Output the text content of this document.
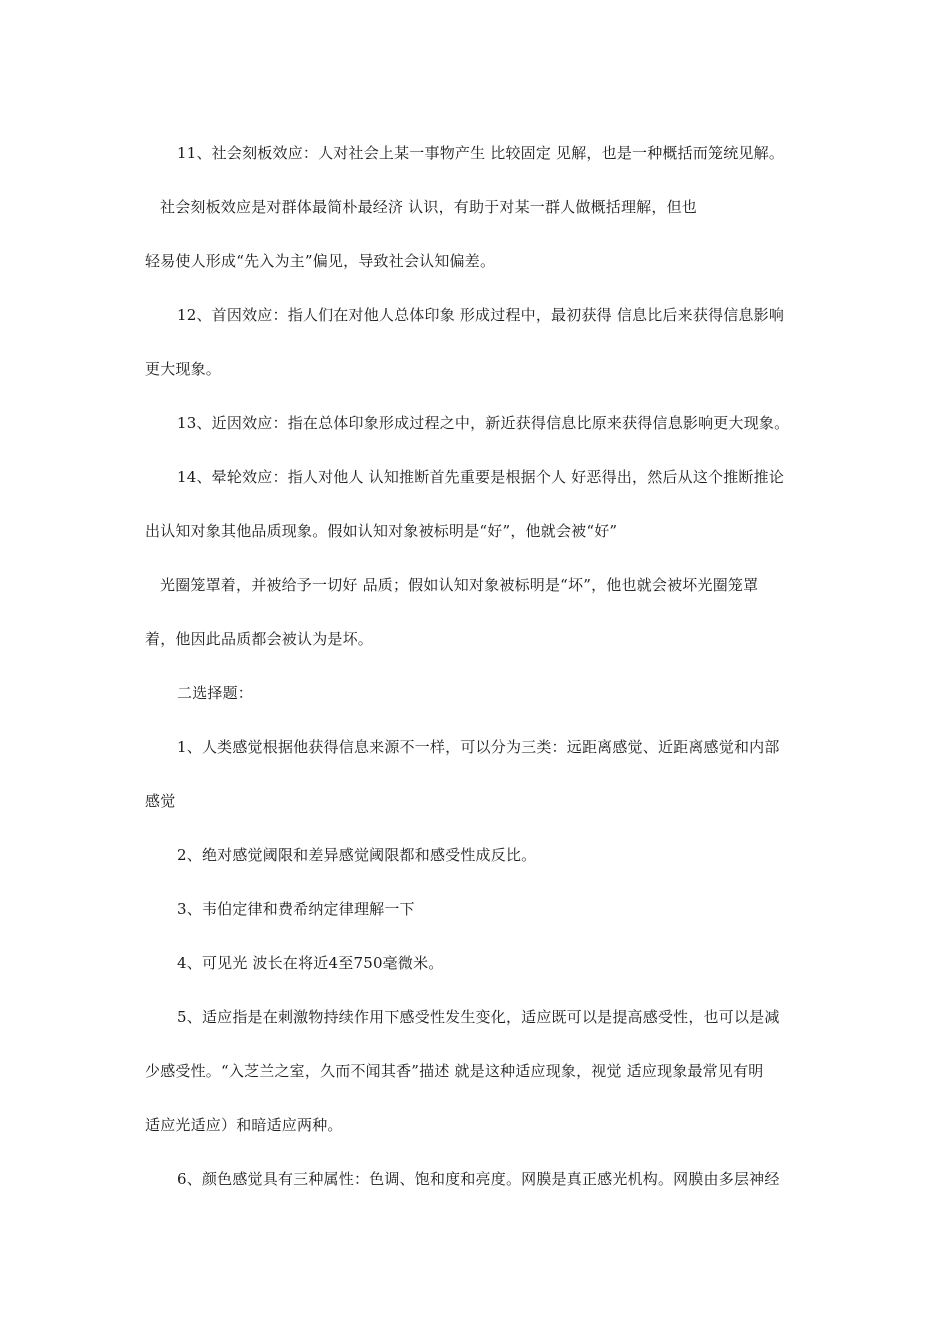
11、社会刻板效应：人对社会上某一事物产生 比较固定 见解，也是一种概括而笼统见解。
社会刻板效应是对群体最简朴最经济 认识，有助于对某一群人做概括理解，但也
轻易使人形成“先入为主”偏见，导致社会认知偏差。
12、首因效应：指人们在对他人总体印象 形成过程中，最初获得 信息比后来获得信息影响
更大现象。
13、近因效应：指在总体印象形成过程之中，新近获得信息比原来获得信息影响更大现象。
14、晕轮效应：指人对他人 认知推断首先重要是根据个人 好恶得出，然后从这个推断推论
出认知对象其他品质现象。假如认知对象被标明是“好”，他就会被“好”
光圈笼罩着，并被给予一切好 品质；假如认知对象被标明是“坏”，他也就会被坏光圈笼罩
着，他因此品质都会被认为是坏。
二选择题：
1、人类感觉根据他获得信息来源不一样，可以分为三类：远距离感觉、近距离感觉和内部
感觉
2、绝对感觉阈限和差异感觉阈限都和感受性成反比。
3、韦伯定律和费希纳定律理解一下
4、可见光 波长在将近4至750毫微米。
5、适应指是在刺激物持续作用下感受性发生变化，适应既可以是提高感受性，也可以是减
少感受性。“入芝兰之室，久而不闻其香”描述 就是这种适应现象，视觉 适应现象最常见有明
适应光适应）和暗适应两种。
6、颜色感觉具有三种属性：色调、饱和度和亮度。网膜是真正感光机构。网膜由多层神经
